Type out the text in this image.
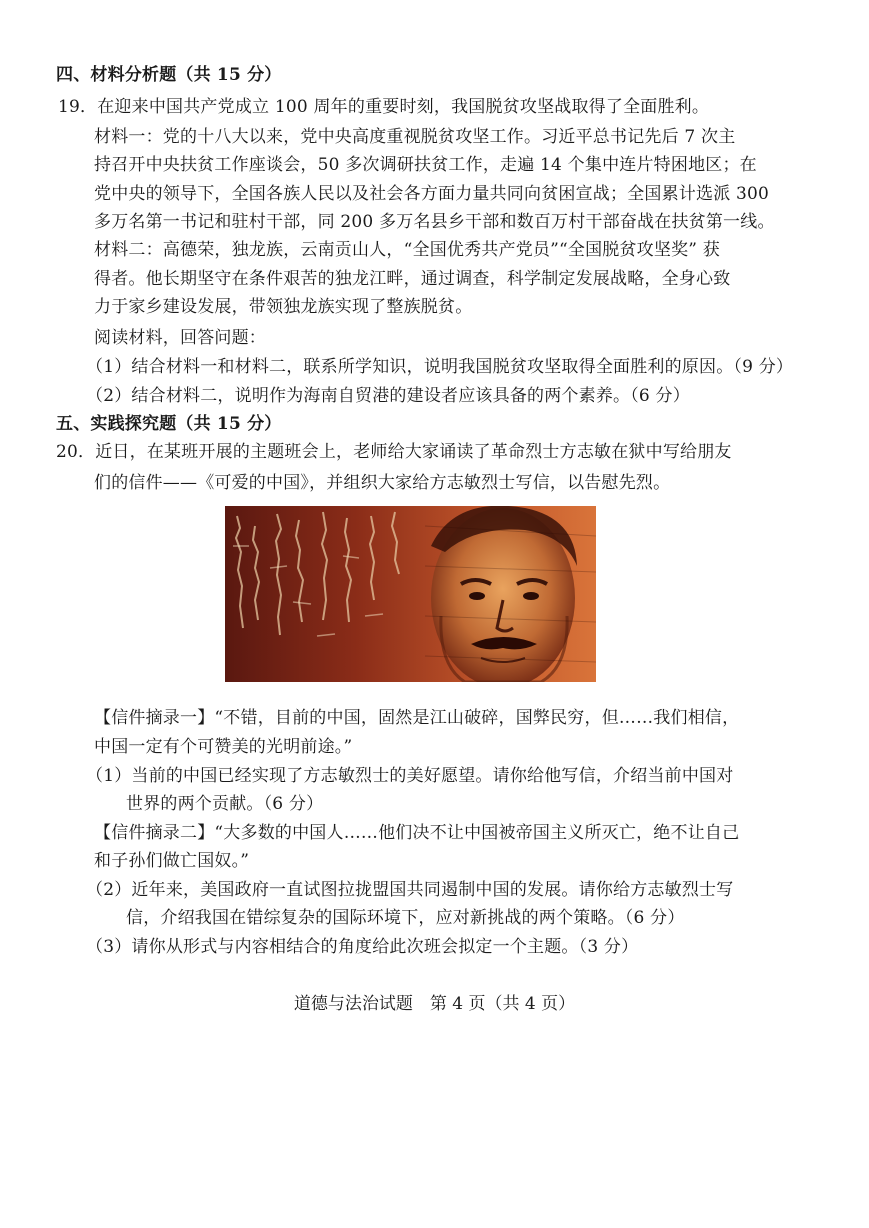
四、材料分析题（共 15 分）
19．在迎来中国共产党成立 100 周年的重要时刻，我国脱贫攻坚战取得了全面胜利。
材料一：党的十八大以来，党中央高度重视脱贫攻坚工作。习近平总书记先后 7 次主
持召开中央扶贫工作座谈会，50 多次调研扶贫工作，走遍 14 个集中连片特困地区；在
党中央的领导下，全国各族人民以及社会各方面力量共同向贫困宣战；全国累计选派 300
多万名第一书记和驻村干部，同 200 多万名县乡干部和数百万村干部奋战在扶贫第一线。
材料二：高德荣，独龙族，云南贡山人，“全国优秀共产党员”“全国脱贫攻坚奖” 获
得者。他长期坚守在条件艰苦的独龙江畔，通过调查，科学制定发展战略，全身心致
力于家乡建设发展，带领独龙族实现了整族脱贫。
阅读材料，回答问题：
（1）结合材料一和材料二，联系所学知识，说明我国脱贫攻坚取得全面胜利的原因。（9 分）
（2）结合材料二，说明作为海南自贸港的建设者应该具备的两个素养。（6 分）
五、实践探究题（共 15 分）
20．近日，在某班开展的主题班会上，老师给大家诵读了革命烈士方志敏在狱中写给朋友
们的信件——《可爱的中国》，并组织大家给方志敏烈士写信，以告慰先烈。
【信件摘录一】“不错，目前的中国，固然是江山破碎，国弊民穷，但……我们相信，
中国一定有个可赞美的光明前途。”
（1）当前的中国已经实现了方志敏烈士的美好愿望。请你给他写信，介绍当前中国对
世界的两个贡献。（6 分）
【信件摘录二】“大多数的中国人……他们决不让中国被帝国主义所灭亡，绝不让自己
和子孙们做亡国奴。”
（2）近年来，美国政府一直试图拉拢盟国共同遏制中国的发展。请你给方志敏烈士写
信，介绍我国在错综复杂的国际环境下，应对新挑战的两个策略。（6 分）
（3）请你从形式与内容相结合的角度给此次班会拟定一个主题。（3 分）
道德与法治试题　第 4 页（共 4 页）
